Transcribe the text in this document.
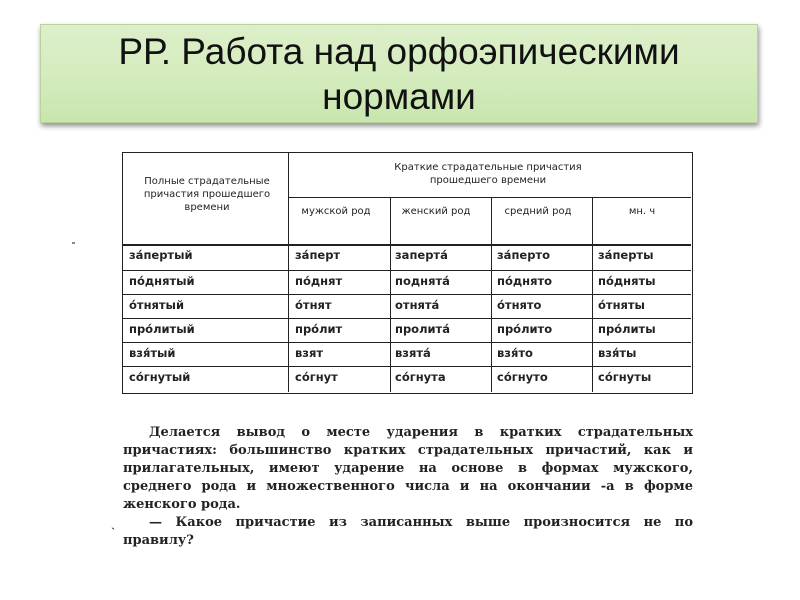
РР. Работа над орфоэпическими нормами
Полные страдательные причастия прошедшего времени
Краткие страдательные причастия прошедшего времени
мужской род	женский род	средний род	мн. ч
за́пертый	за́перт	заперта́	за́перто	за́перты
по́днятый	по́днят	поднята́	по́днято	по́дняты
о́тнятый	о́тнят	отнята́	о́тнято	о́тняты
про́литый	про́лит	пролита́	про́лито	про́литы
взя́тый	взят	взята́	взя́то	взя́ты
со́гнутый	со́гнут	со́гнута	со́гнуто	со́гнуты

Делается вывод о месте ударения в кратких страдательных причастиях: большинство кратких страдательных причастий, как и прилагательных, имеют ударение на основе в формах мужского, среднего рода и множественного числа и на окончании -а в форме женского рода.

ˎ	— Какое причастие из записанных выше произносится не по правилу?
